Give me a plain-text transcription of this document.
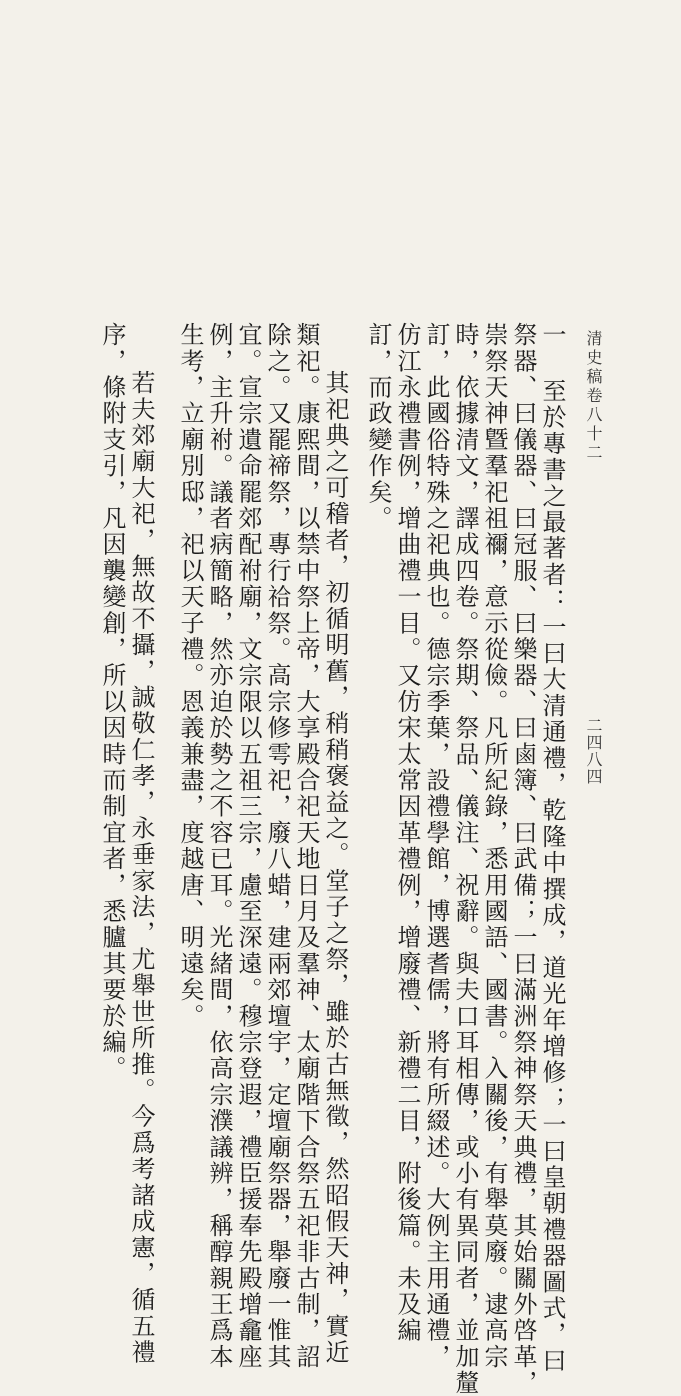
清史稿卷八十二
二四八四
一 至於專書之最著者：一曰大清通禮，乾隆中撰成，道光年增修；一曰皇朝禮器圖式，曰
祭器、曰儀器、曰冠服、曰樂器、曰鹵簿、曰武備；一曰滿洲祭神祭天典禮，其始關外啓革，
崇祭天神曁羣祀祖禰，意示從儉。凡所紀錄，悉用國語、國書。入關後，有舉莫廢。逮高宗
時，依據清文，譯成四卷。祭期、祭品、儀注、祝辭。與夫口耳相傳，或小有異同者，並加釐
訂，此國俗特殊之祀典也。德宗季葉，設禮學館，博選耆儒，將有所綴述。大例主用通禮，
仿江永禮書例，增曲禮一目。又仿宋太常因革禮例，增廢禮、新禮二目，附後篇。未及編
訂，而政變作矣。
其祀典之可稽者，初循明舊，稍稍褒益之。堂子之祭，雖於古無徵，然昭假天神，實近
類祀。康熙間，以禁中祭上帝，大享殿合祀天地日月及羣神、太廟階下合祭五祀非古制，詔
除之。又罷禘祭，專行祫祭。高宗修雩祀，廢八蜡，建兩郊壇宇，定壇廟祭器，舉廢一惟其
宜。宣宗遺命罷郊配祔廟，文宗限以五祖三宗，慮至深遠。穆宗登遐，禮臣援奉先殿增龕座
例，主升祔。議者病簡略，然亦迫於勢之不容已耳。光緒間，依高宗濮議辨，稱醇親王爲本
生考，立廟別邸，祀以天子禮。恩義兼盡，度越唐、明遠矣。
若夫郊廟大祀，無故不攝，誠敬仁孝，永垂家法，尤舉世所推。今爲考諸成憲，循五禮
序，條附支引，凡因襲變創，所以因時而制宜者，悉臚其要於編。
